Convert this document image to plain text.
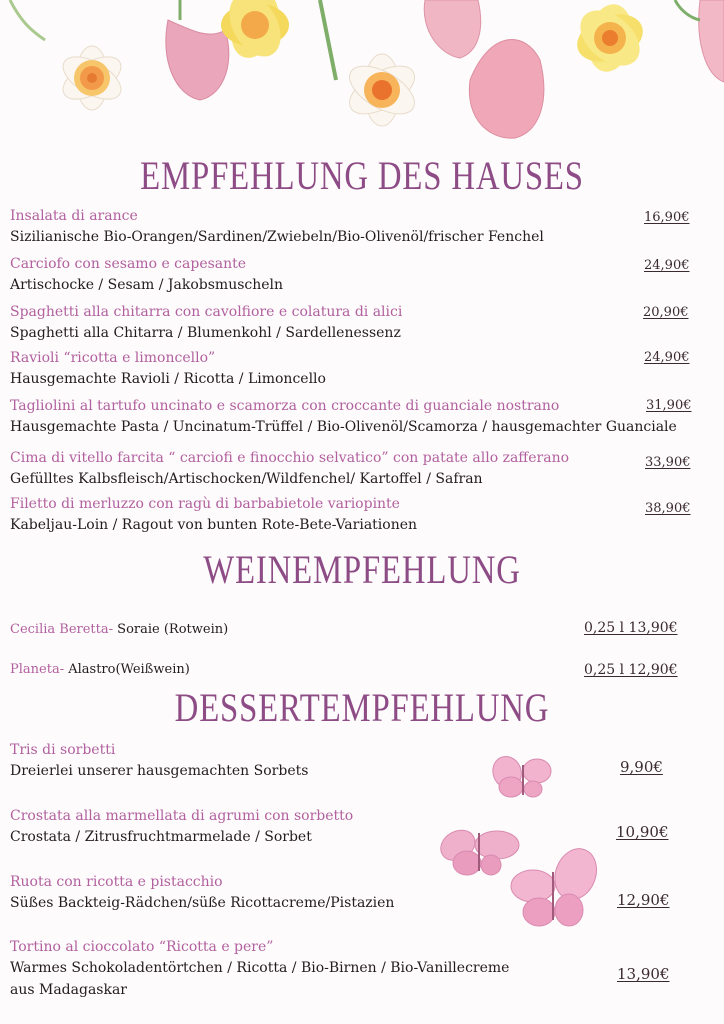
EMPFEHLUNG DES HAUSES
Insalata di arance
Sizilianische Bio-Orangen/Sardinen/Zwiebeln/Bio-Olivenöl/frischer Fenchel
16,90€
Carciofo con sesamo e capesante
Artischocke / Sesam / Jakobsmuscheln
24,90€
Spaghetti alla chitarra con cavolfiore e colatura di alici
Spaghetti alla Chitarra / Blumenkohl / Sardellenessenz
20,90€
Ravioli “ricotta e limoncello”
Hausgemachte Ravioli / Ricotta / Limoncello
24,90€
Tagliolini al tartufo uncinato e scamorza con croccante di guanciale nostrano
Hausgemachte Pasta / Uncinatum-Trüffel / Bio-Olivenöl/Scamorza / hausgemachter Guanciale
31,90€
Cima di vitello farcita “ carciofi e finocchio selvatico” con patate allo zafferano
Gefülltes Kalbsfleisch/Artischocken/Wildfenchel/ Kartoffel / Safran
33,90€
Filetto di merluzzo con ragù di barbabietole variopinte
Kabeljau-Loin / Ragout von bunten Rote-Bete-Variationen
38,90€
WEINEMPFEHLUNG
Cecilia Beretta- Soraie (Rotwein)	0,25 l 13,90€
Planeta- Alastro(Weißwein)	0,25 l 12,90€
DESSERTEMPFEHLUNG
Tris di sorbetti
Dreierlei unserer hausgemachten Sorbets	9,90€
Crostata alla marmellata di agrumi con sorbetto
Crostata / Zitrusfruchtmarmelade / Sorbet	10,90€
Ruota con ricotta e pistacchio
Süßes Backteig-Rädchen/süße Ricottacreme/Pistazien	12,90€
Tortino al cioccolato “Ricotta e pere”
Warmes Schokoladentörtchen / Ricotta / Bio-Birnen / Bio-Vanillecreme
aus Madagaskar
13,90€
